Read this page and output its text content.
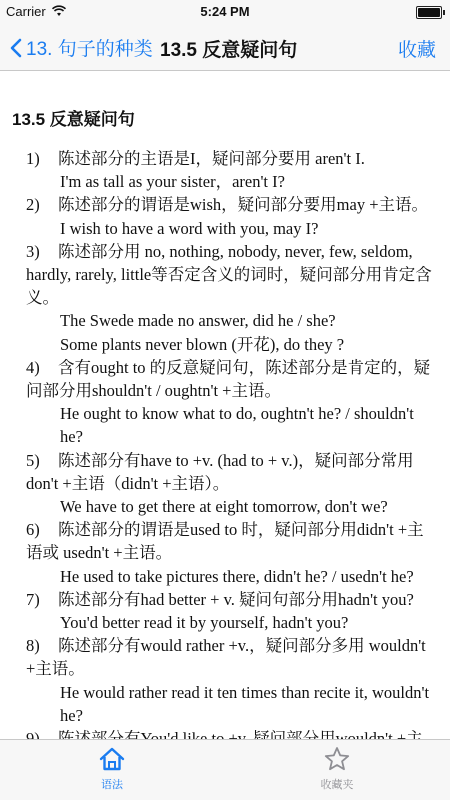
Carrier	5:24 PM
13. 句子的种类 13.5 反意疑问句	收藏
13.5 反意疑问句
1) 陈述部分的主语是I，疑问部分要用 aren't I.
I'm as tall as your sister，aren't I?
2) 陈述部分的谓语是wish，疑问部分要用may +主语。
I wish to have a word with you, may I?
3) 陈述部分用 no, nothing, nobody, never, few, seldom, hardly, rarely, little等否定含义的词时，疑问部分用肯定含义。
The Swede made no answer, did he / she?
Some plants never blown (开花), do they ?
4) 含有ought to 的反意疑问句，陈述部分是肯定的，疑问部分用shouldn't / oughtn't +主语。
He ought to know what to do, oughtn't he? / shouldn't he?
5) 陈述部分有have to +v. (had to + v.)，疑问部分常用don't +主语（didn't +主语）。
We have to get there at eight tomorrow, don't we?
6) 陈述部分的谓语是used to 时，疑问部分用didn't +主语或 usedn't +主语。
He used to take pictures there, didn't he? / usedn't he?
7) 陈述部分有had better + v. 疑问句部分用hadn't you?
You'd better read it by yourself, hadn't you?
8) 陈述部分有would rather +v.，疑问部分多用 wouldn't +主语。
He would rather read it ten times than recite it, wouldn't he?
语法	收藏夹
